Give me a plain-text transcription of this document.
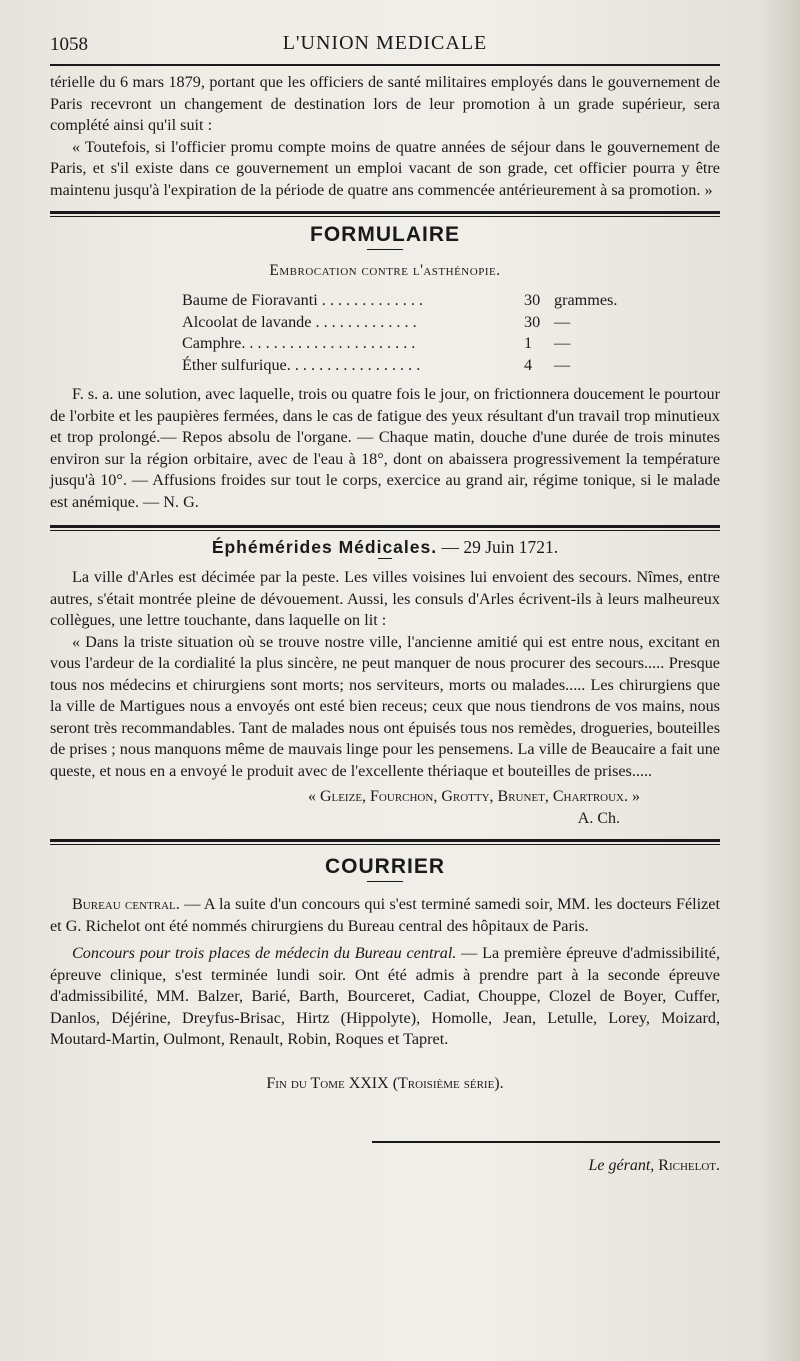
1058	L'UNION MEDICALE

térielle du 6 mars 1879, portant que les officiers de santé militaires employés dans le gouvernement de Paris recevront un changement de destination lors de leur promotion à un grade supérieur, sera complété ainsi qu'il suit :

« Toutefois, si l'officier promu compte moins de quatre années de séjour dans le gouvernement de Paris, et s'il existe dans ce gouvernement un emploi vacant de son grade, cet officier pourra y être maintenu jusqu'à l'expiration de la période de quatre ans commencée antérieurement à sa promotion. »

FORMULAIRE
Embrocation contre l'asthénopie.
Baume de Fioravanti . . . . . . . . . . . . .	30	grammes.
Alcoolat de lavande . . . . . . . . . . . . .	30	—
Camphre. . . . . . . . . . . . . . . . . . . . . .	1	—
Éther sulfurique. . . . . . . . . . . . . . . . .	4	—

F. s. a. une solution, avec laquelle, trois ou quatre fois le jour, on frictionnera doucement le pourtour de l'orbite et les paupières fermées, dans le cas de fatigue des yeux résultant d'un travail trop minutieux et trop prolongé.— Repos absolu de l'organe. — Chaque matin, douche d'une durée de trois minutes environ sur la région orbitaire, avec de l'eau à 18°, dont on abaissera progressivement la température jusqu'à 10°. — Affusions froides sur tout le corps, exercice au grand air, régime tonique, si le malade est anémique. — N. G.

Éphémérides Médicales. — 29 Juin 1721.

La ville d'Arles est décimée par la peste. Les villes voisines lui envoient des secours. Nîmes, entre autres, s'était montrée pleine de dévouement. Aussi, les consuls d'Arles écrivent-ils à leurs malheureux collègues, une lettre touchante, dans laquelle on lit :

« Dans la triste situation où se trouve nostre ville, l'ancienne amitié qui est entre nous, excitant en vous l'ardeur de la cordialité la plus sincère, ne peut manquer de nous procurer des secours..... Presque tous nos médecins et chirurgiens sont morts; nos serviteurs, morts ou malades..... Les chirurgiens que la ville de Martigues nous a envoyés ont esté bien receus; ceux que nous tiendrons de vos mains, nous seront très recommandables. Tant de malades nous ont épuisés tous nos remèdes, drogueries, bouteilles de prises ; nous manquons même de mauvais linge pour les pensemens. La ville de Beaucaire a fait une queste, et nous en a envoyé le produit avec de l'excellente thériaque et bouteilles de prises.....

« Gleize, Fourchon, Grotty, Brunet, Chartroux. »
A. Ch.
COURRIER

Bureau central. — A la suite d'un concours qui s'est terminé samedi soir, MM. les docteurs Félizet et G. Richelot ont été nommés chirurgiens du Bureau central des hôpitaux de Paris.

Concours pour trois places de médecin du Bureau central. — La première épreuve d'admissibilité, épreuve clinique, s'est terminée lundi soir. Ont été admis à prendre part à la seconde épreuve d'admissibilité, MM. Balzer, Barié, Barth, Bourceret, Cadiat, Chouppe, Clozel de Boyer, Cuffer, Danlos, Déjérine, Dreyfus-Brisac, Hirtz (Hippolyte), Homolle, Jean, Letulle, Lorey, Moizard, Moutard-Martin, Oulmont, Renault, Robin, Roques et Tapret.

Fin du Tome XXIX (Troisième série).
Le gérant, Richelot.
